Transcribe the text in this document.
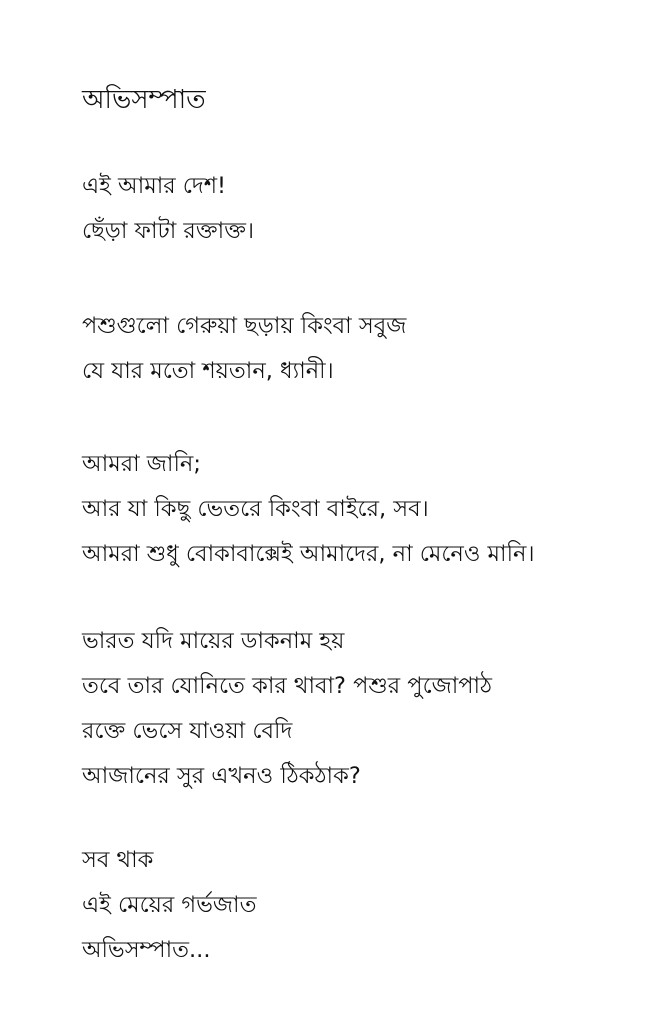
অভিসম্পাত

এই আমার দেশ!

ছেঁড়া ফাটা রক্তাক্ত।

পশুগুলো গেরুয়া ছড়ায় কিংবা সবুজ

যে যার মতো শয়তান, ধ্যানী।

আমরা জানি;

আর যা কিছু ভেতরে কিংবা বাইরে, সব।

আমরা শুধু বোকাবাক্সেই আমাদের, না মেনেও মানি।

ভারত যদি মায়ের ডাকনাম হয়

তবে তার যোনিতে কার থাবা? পশুর পুজোপাঠ

রক্তে ভেসে যাওয়া বেদি

আজানের সুর এখনও ঠিকঠাক?

সব থাক

এই মেয়ের গর্ভজাত

অভিসম্পাত...
